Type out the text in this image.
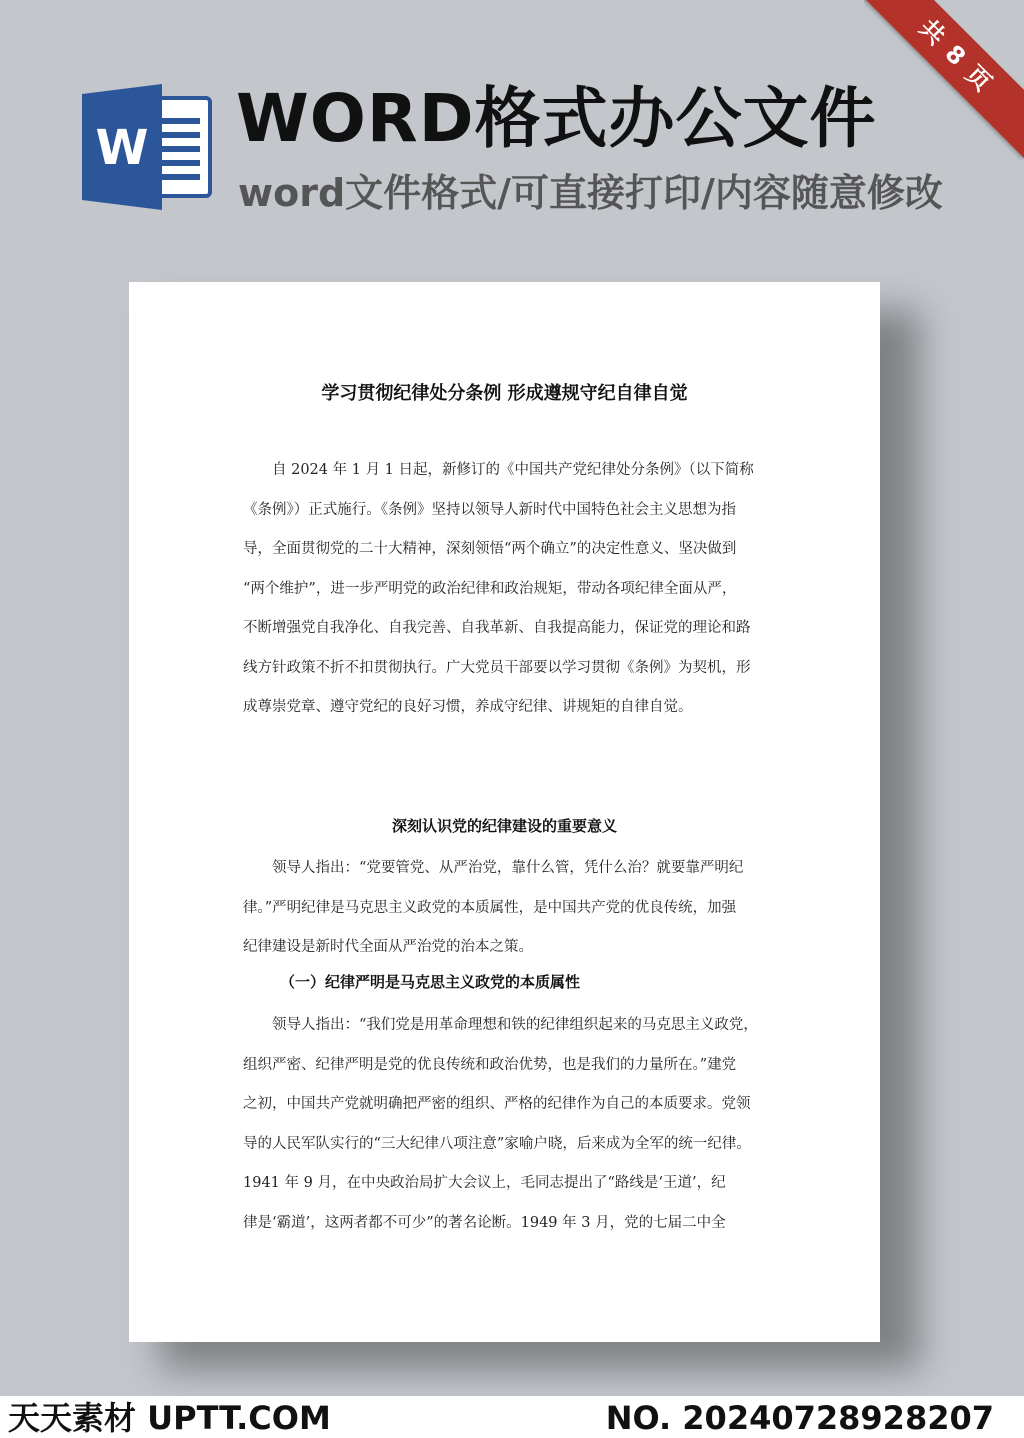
共 8 页
W WORD格式办公文件
word文件格式/可直接打印/内容随意修改
学习贯彻纪律处分条例 形成遵规守纪自律自觉

自 2024 年 1 月 1 日起，新修订的《中国共产党纪律处分条例》（以下简称
《条例》）正式施行。《条例》坚持以领导人新时代中国特色社会主义思想为指
导，全面贯彻党的二十大精神，深刻领悟“两个确立”的决定性意义、坚决做到
“两个维护”，进一步严明党的政治纪律和政治规矩，带动各项纪律全面从严，
不断增强党自我净化、自我完善、自我革新、自我提高能力，保证党的理论和路
线方针政策不折不扣贯彻执行。广大党员干部要以学习贯彻《条例》为契机，形
成尊崇党章、遵守党纪的良好习惯，养成守纪律、讲规矩的自律自觉。

深刻认识党的纪律建设的重要意义

领导人指出：“党要管党、从严治党，靠什么管，凭什么治？就要靠严明纪
律。”严明纪律是马克思主义政党的本质属性，是中国共产党的优良传统，加强
纪律建设是新时代全面从严治党的治本之策。

（一）纪律严明是马克思主义政党的本质属性

领导人指出：“我们党是用革命理想和铁的纪律组织起来的马克思主义政党，
组织严密、纪律严明是党的优良传统和政治优势，也是我们的力量所在。”建党
之初，中国共产党就明确把严密的组织、严格的纪律作为自己的本质要求。党领
导的人民军队实行的“三大纪律八项注意”家喻户晓，后来成为全军的统一纪律。
1941 年 9 月，在中央政治局扩大会议上，毛同志提出了“路线是‘王道’，纪
律是‘霸道’，这两者都不可少”的著名论断。1949 年 3 月，党的七届二中全

天天素材 UPTT.COM	NO. 20240728928207
